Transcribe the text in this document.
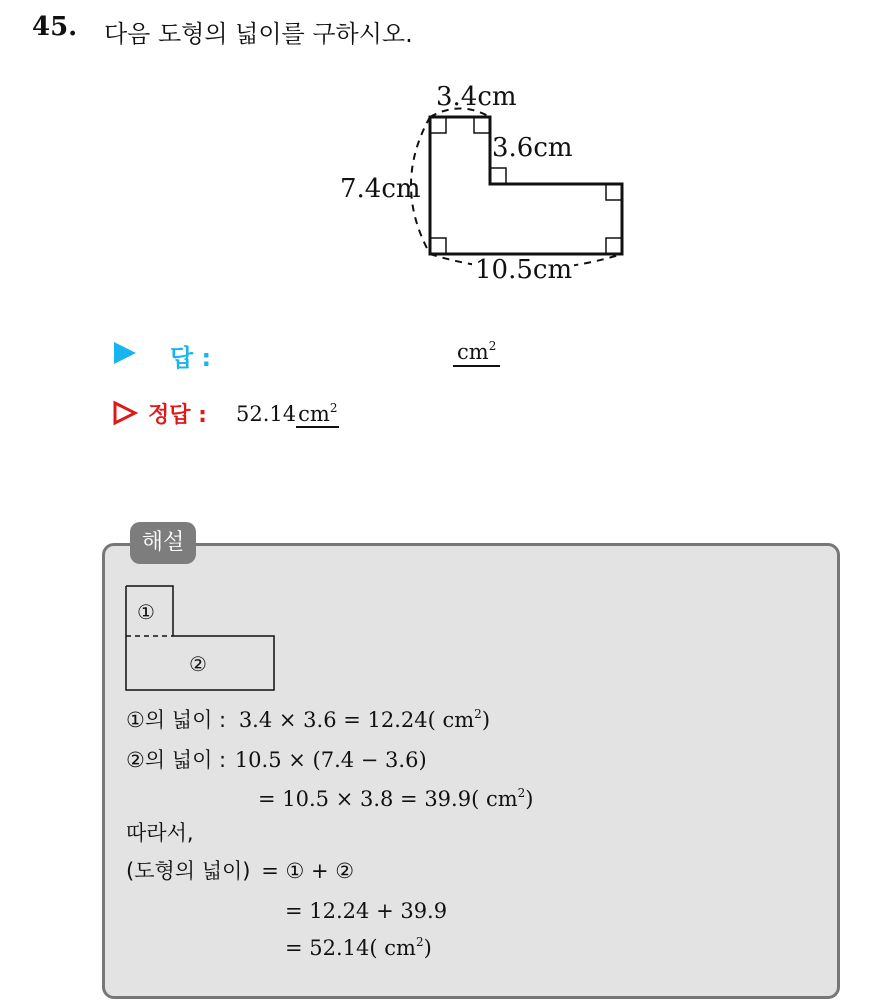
45. 다음 도형의 넓이를 구하시오.
3.4cm
3.6cm
7.4cm
10.5cm
답 :	$cm^2$
정답 : $52.14cm^2$
해설
①
②
①의 넓이 : 3.4 × 3.6 = 12.24( $cm^2$)
②의 넓이 : 10.5 × (7.4 − 3.6)
= 10.5 × 3.8 = 39.9( $cm^2$)
따라서,
(도형의 넓이) = ① + ②
= 12.24 + 39.9
= 52.14( $cm^2$)
